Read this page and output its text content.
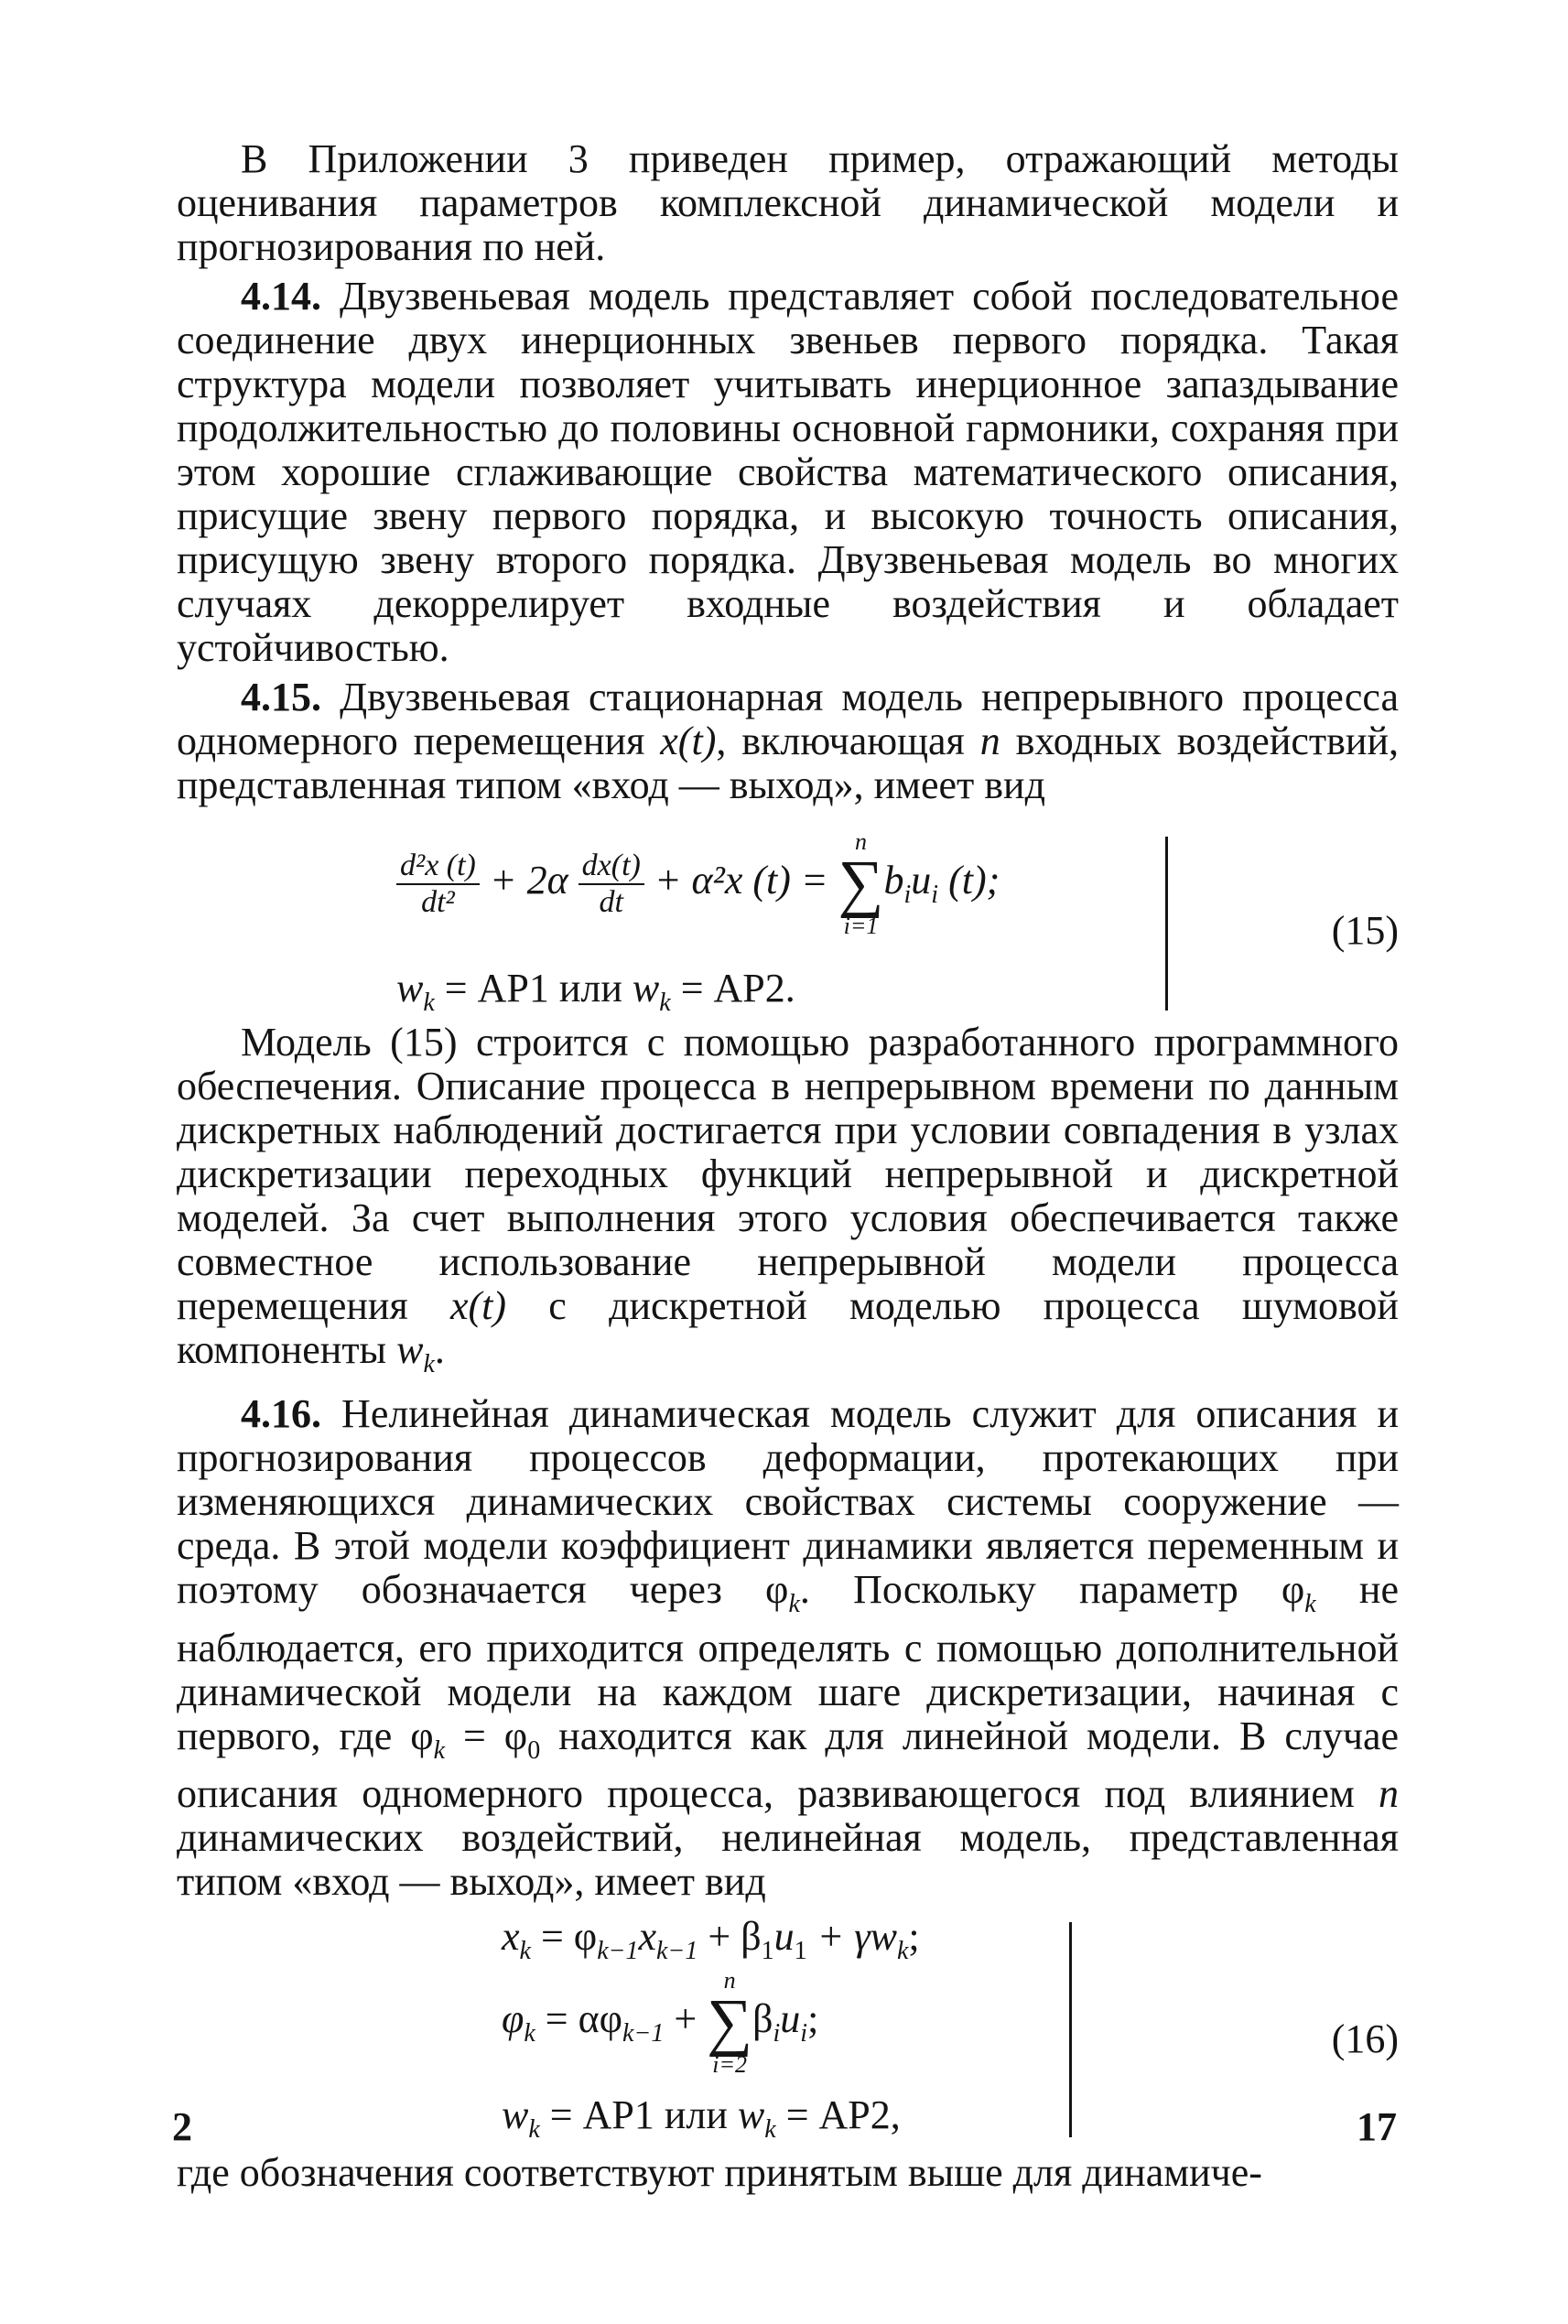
В Приложении 3 приведен пример, отражающий методы оценивания параметров комплексной динамической модели и прогнозирования по ней.

4.14. Двузвеньевая модель представляет собой последовательное соединение двух инерционных звеньев первого порядка. Такая структура модели позволяет учитывать инерционное запаздывание продолжительностью до половины основной гармоники, сохраняя при этом хорошие сглаживающие свойства математического описания, присущие звену первого порядка, и высокую точность описания, присущую звену второго порядка. Двузвеньевая модель во многих случаях декоррелирует входные воздействия и обладает устойчивостью.

4.15. Двузвеньевая стационарная модель непрерывного процесса одномерного перемещения x(t), включающая n входных воздействий, представленная типом «вход — выход», имеет вид

$\frac{\text{d²x (t)}}{\text{dt²}} + 2\alpha \frac{dx(t)}{dt} + \alpha^2x$ (t) =
n
∑
i=1
$b_iu_i$ (t);
$w_k = АР1$ или $w_k = АР2$.
(15)

Модель (15) строится с помощью разработанного программного обеспечения. Описание процесса в непрерывном времени по данным дискретных наблюдений достигается при условии совпадения в узлах дискретизации переходных функций непрерывной и дискретной моделей. За счет выполнения этого условия обеспечивается также совместное использование непрерывной модели процесса перемещения x(t) с дискретной моделью процесса шумовой компоненты $w_k$.

4.16. Нелинейная динамическая модель служит для описания и прогнозирования процессов деформации, протекающих при изменяющихся динамических свойствах системы сооружение — среда. В этой модели коэффициент динамики является переменным и поэтому обозначается через $\varphi_k$. Поскольку параметр $\varphi_k$ не наблюдается, его приходится определять с помощью дополнительной динамической модели на каждом шаге дискретизации, начиная с первого, где $\varphi_k = \varphi_0$ находится как для линейной модели. В случае описания одномерного процесса, развивающегося под влиянием n динамических воздействий, нелинейная модель, представленная типом «вход — выход», имеет вид

$x_k = \varphi_{k-1}x_{k-1} + \beta_1u_1 + \gamma w_k$;
$\varphi_k = \alpha\varphi_{k-1}$ +
n
∑
i=2
$\beta_iu_i$;
$w_k = АР1$ или $w_k = АР2$,
(16)

где обозначения соответствуют принятым выше для динамиче-

2	17
